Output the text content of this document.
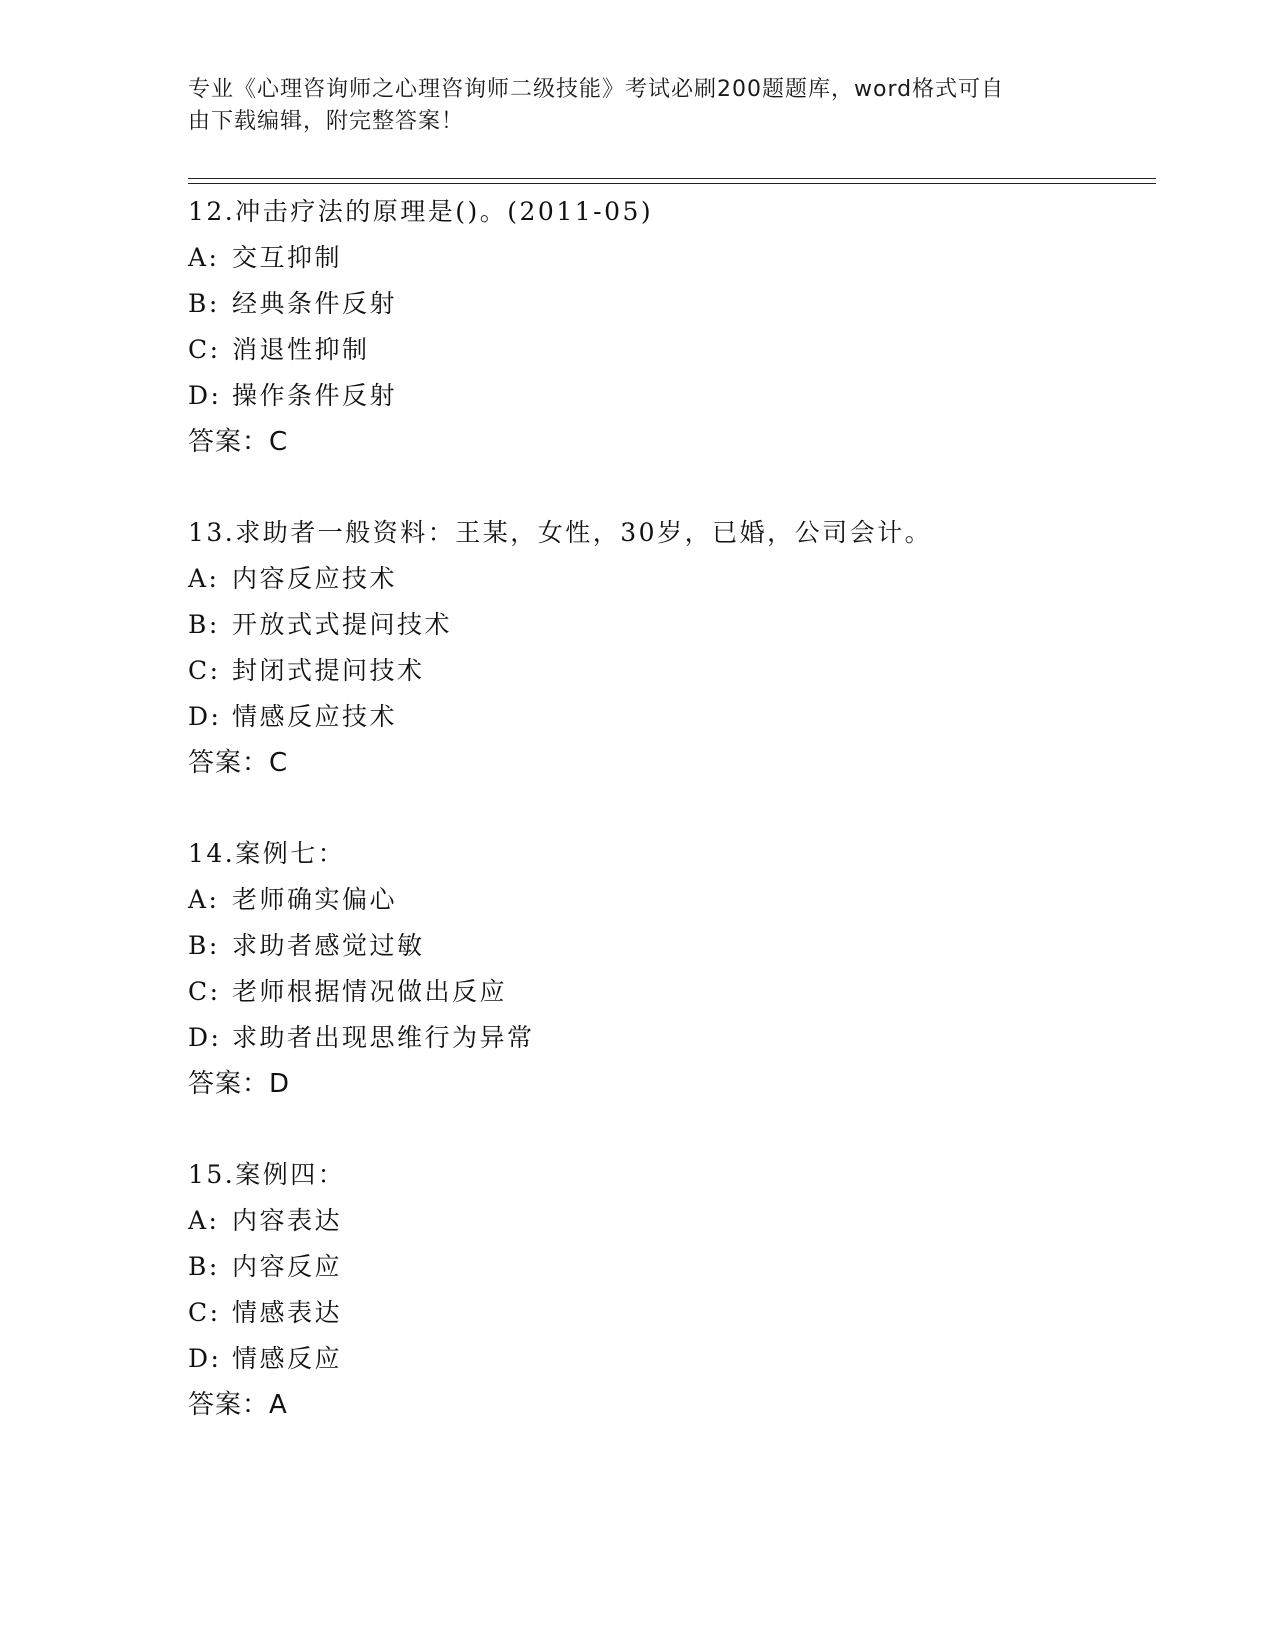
专业《心理咨询师之心理咨询师二级技能》考试必刷200题题库，word格式可自
由下载编辑，附完整答案！
12.冲击疗法的原理是()。(2011-05)
A: 交互抑制
B: 经典条件反射
C: 消退性抑制
D: 操作条件反射
答案：C
13.求助者一般资料：王某，女性，30岁，已婚，公司会计。
A: 内容反应技术
B: 开放式式提问技术
C: 封闭式提问技术
D: 情感反应技术
答案：C
14.案例七：
A: 老师确实偏心
B: 求助者感觉过敏
C: 老师根据情况做出反应
D: 求助者出现思维行为异常
答案：D
15.案例四：
A: 内容表达
B: 内容反应
C: 情感表达
D: 情感反应
答案：A
